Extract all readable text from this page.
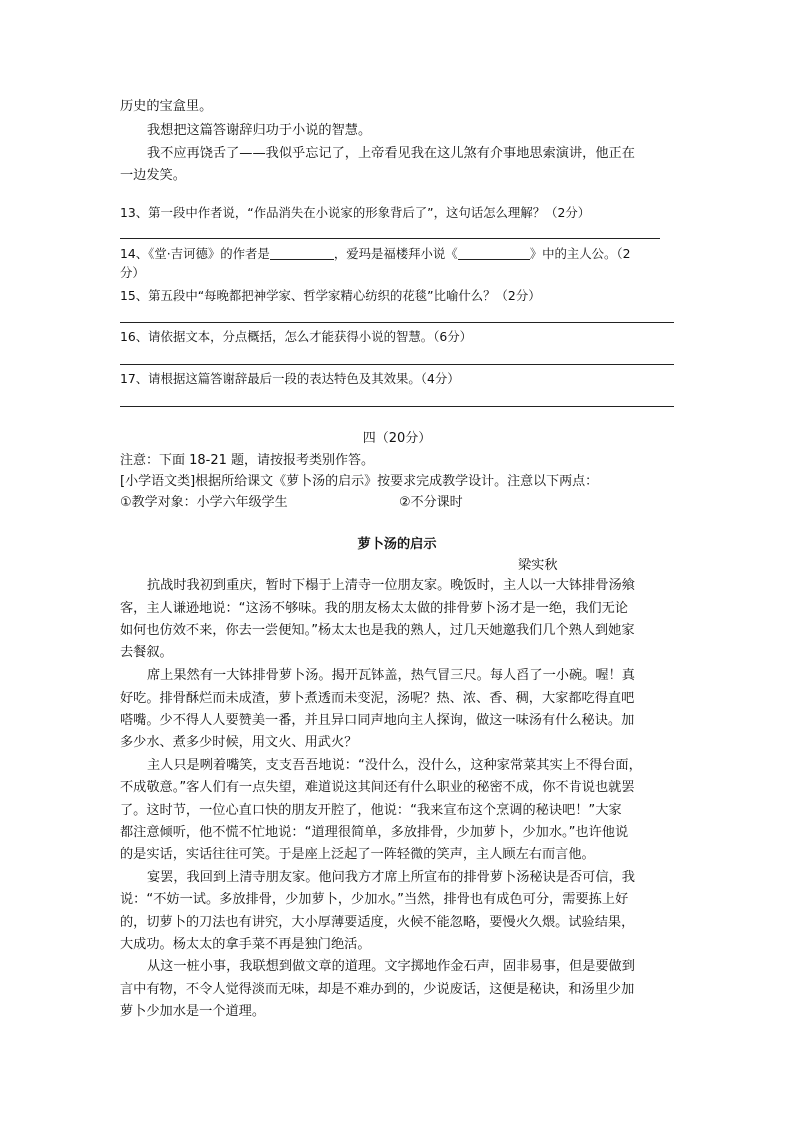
历史的宝盒里。
我想把这篇答谢辞归功于小说的智慧。
我不应再饶舌了——我似乎忘记了，上帝看见我在这儿煞有介事地思索演讲，他正在
一边发笑。
13、第一段中作者说，“作品消失在小说家的形象背后了”，这句话怎么理解？（2分）
14、《堂·吉诃德》的作者是	，爱玛是福楼拜小说《	》中的主人公。（2
分）
15、第五段中“每晚都把神学家、哲学家精心纺织的花毯”比喻什么？（2分）
16、请依据文本，分点概括，怎么才能获得小说的智慧。（6分）
17、请根据这篇答谢辞最后一段的表达特色及其效果。（4分）
四（20分）
注意：下面 18-21 题，请按报考类别作答。
[小学语文类]根据所给课文《萝卜汤的启示》按要求完成教学设计。注意以下两点：
①教学对象：小学六年级学生	②不分课时
萝卜汤的启示
梁实秋
抗战时我初到重庆，暂时下榻于上清寺一位朋友家。晚饭时，主人以一大钵排骨汤飨
客，主人谦逊地说：“这汤不够味。我的朋友杨太太做的排骨萝卜汤才是一绝，我们无论
如何也仿效不来，你去一尝便知。”杨太太也是我的熟人，过几天她邀我们几个熟人到她家
去餐叙。
席上果然有一大钵排骨萝卜汤。揭开瓦钵盖，热气冒三尺。每人舀了一小碗。喔！真
好吃。排骨酥烂而未成渣，萝卜煮透而未变泥，汤呢？热、浓、香、稠，大家都吃得直吧
嗒嘴。少不得人人要赞美一番，并且异口同声地向主人探询，做这一味汤有什么秘诀。加
多少水、煮多少时候，用文火、用武火？
主人只是咧着嘴笑，支支吾吾地说：“没什么，没什么，这种家常菜其实上不得台面，
不成敬意。”客人们有一点失望，难道说这其间还有什么职业的秘密不成，你不肯说也就罢
了。这时节，一位心直口快的朋友开腔了，他说：“我来宣布这个烹调的秘诀吧！”大家
都注意倾听，他不慌不忙地说：“道理很简单，多放排骨，少加萝卜，少加水。”也许他说
的是实话，实话往往可笑。于是座上泛起了一阵轻微的笑声，主人顾左右而言他。
宴罢，我回到上清寺朋友家。他问我方才席上所宣布的排骨萝卜汤秘诀是否可信，我
说：“不妨一试。多放排骨，少加萝卜，少加水。”当然，排骨也有成色可分，需要拣上好
的，切萝卜的刀法也有讲究，大小厚薄要适度，火候不能忽略，要慢火久煨。试验结果，
大成功。杨太太的拿手菜不再是独门绝活。
从这一桩小事，我联想到做文章的道理。文字掷地作金石声，固非易事，但是要做到
言中有物，不令人觉得淡而无味，却是不难办到的，少说废话，这便是秘诀，和汤里少加
萝卜少加水是一个道理。
